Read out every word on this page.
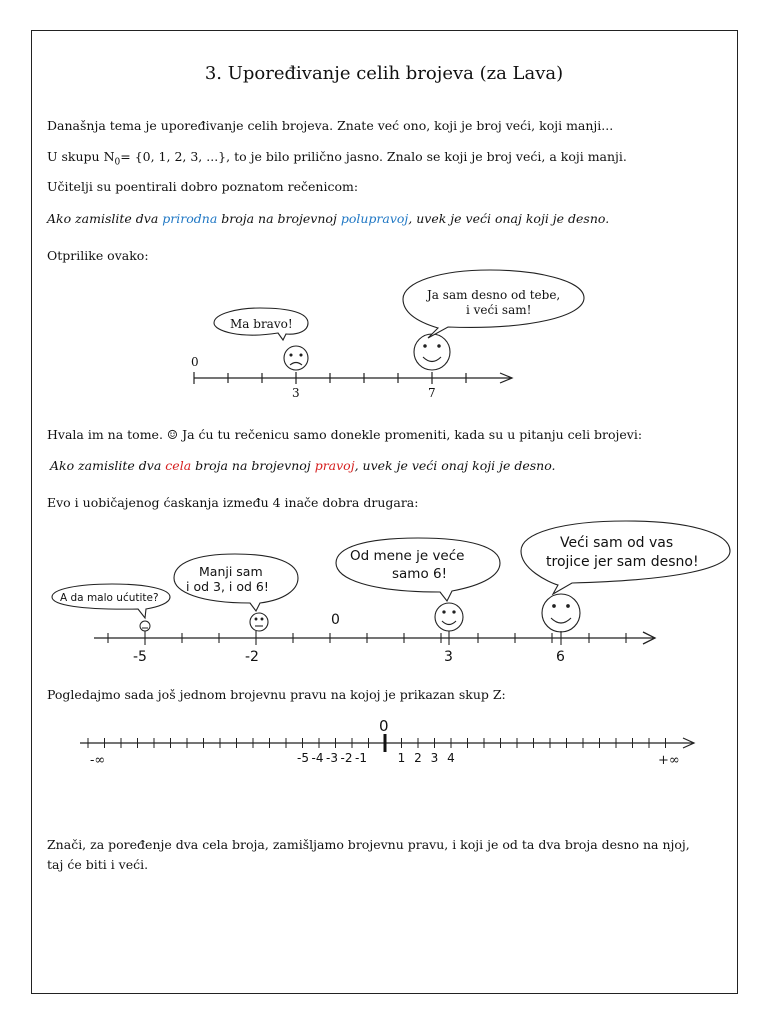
3. Upoređivanje celih brojeva (za Lava)
Današnja tema je upoređivanje celih brojeva. Znate već ono, koji je broj veći, koji manji...
U skupu $N_0= \{0$, 1, 2, 3, ...}, to je bilo prilično jasno. Znalo se koji je broj veći, a koji manji.
Učitelji su poentirali dobro poznatom rečenicom:
Ako zamislite dva prirodna broja na brojevnoj polupravoj, uvek je veći onaj koji je desno.
Otprilike ovako:
Hvala im na tome. ☺ Ja ću tu rečenicu samo donekle promeniti, kada su u pitanju celi brojevi:
Ako zamislite dva cela broja na brojevnoj pravoj, uvek je veći onaj koji je desno.
Evo i uobičajenog ćaskanja između 4 inače dobra drugara:
Pogledajmo sada još jednom brojevnu pravu na kojoj je prikazan skup Z:
Znači, za poređenje dva cela broja, zamišljamo brojevnu pravu, i koji je od ta dva broja desno na njoj,
taj će biti i veći.
0
3	7
Ma bravo!
Ja sam desno od tebe,
i veći sam!
0
-5	-2	3	6
A da malo ućutite?
Manji sam
i od 3, i od 6!
Od mene je veće
samo 6!
Veći sam od vas
trojice jer sam desno!
0
-∞	+∞
-5 -4 -3 -2 -1	1 2 3 4
